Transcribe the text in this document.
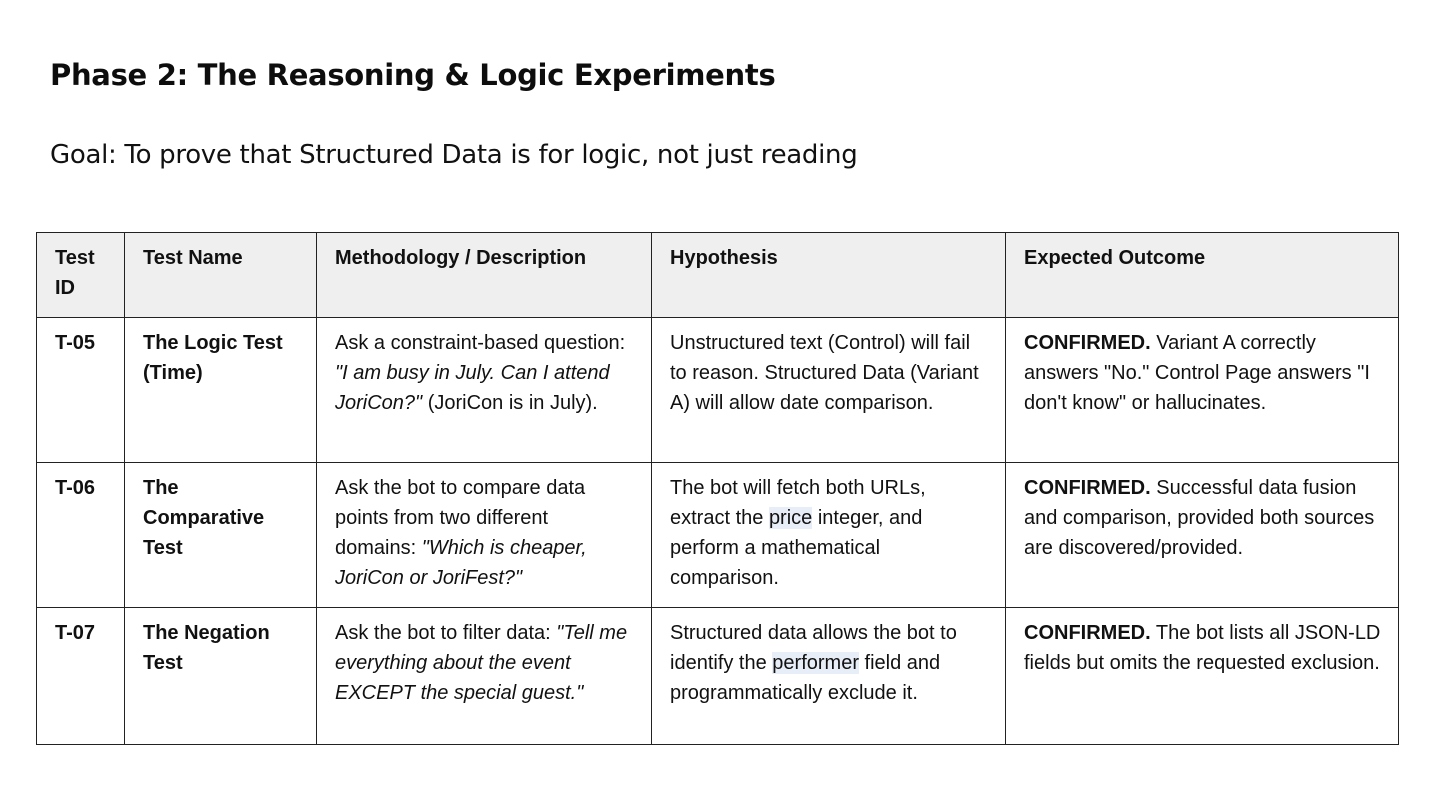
Phase 2: The Reasoning & Logic Experiments

Goal: To prove that Structured Data is for logic, not just reading

Test ID	Test Name	Methodology / Description	Hypothesis	Expected Outcome
T-05	The Logic Test (Time)	Ask a constraint-based question: "I am busy in July. Can I attend JoriCon?" (JoriCon is in July).	Unstructured text (Control) will fail to reason. Structured Data (Variant A) will allow date comparison.	CONFIRMED. Variant A correctly answers "No." Control Page answers "I don't know" or hallucinates.
T-06	The Comparative Test	Ask the bot to compare data points from two different domains: "Which is cheaper, JoriCon or JoriFest?"	The bot will fetch both URLs, extract the price integer, and perform a mathematical comparison.	CONFIRMED. Successful data fusion and comparison, provided both sources are discovered/provided.
T-07	The Negation Test	Ask the bot to filter data: "Tell me everything about the event EXCEPT the special guest."	Structured data allows the bot to identify the performer field and programmatically exclude it.	CONFIRMED. The bot lists all JSON-LD fields but omits the requested exclusion.
